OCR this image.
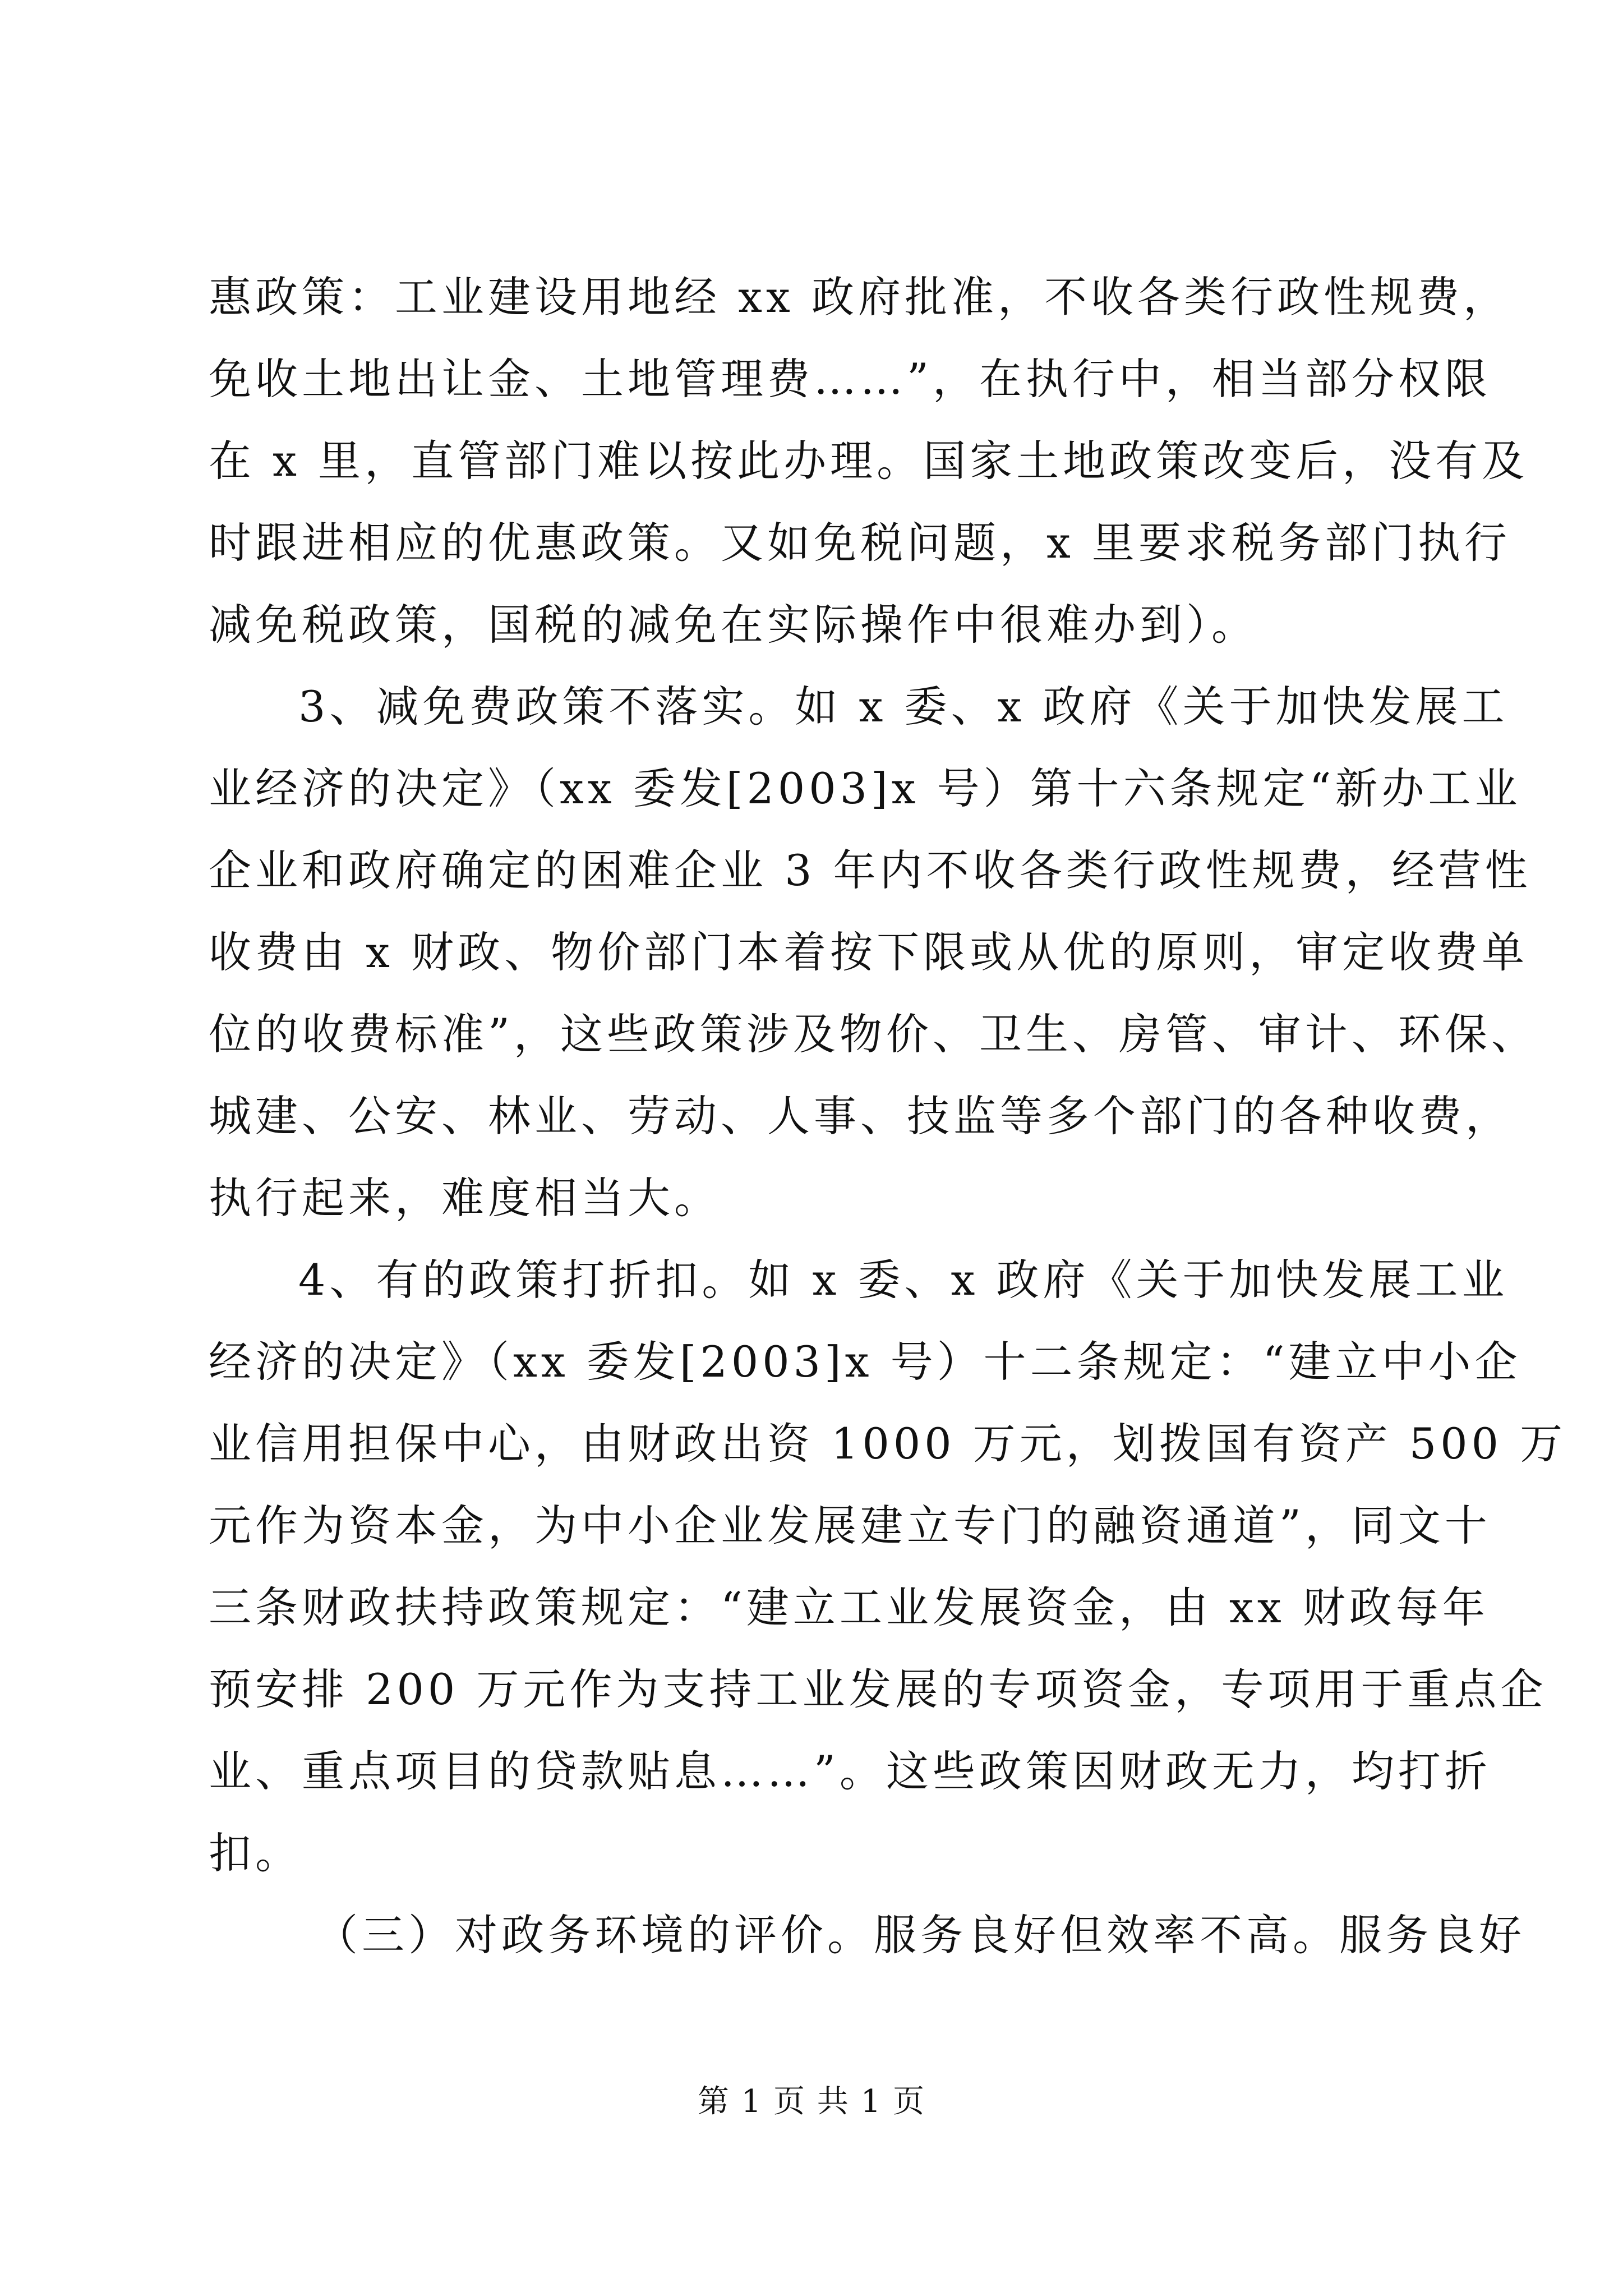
惠政策：工业建设用地经 xx 政府批准，不收各类行政性规费，
免收土地出让金、土地管理费……”，在执行中，相当部分权限
在 x 里，直管部门难以按此办理。国家土地政策改变后，没有及
时跟进相应的优惠政策。又如免税问题，x 里要求税务部门执行
减免税政策，国税的减免在实际操作中很难办到）。
3、减免费政策不落实。如 x 委、x 政府《关于加快发展工
业经济的决定》（xx 委发[2003]x 号）第十六条规定“新办工业
企业和政府确定的困难企业 3 年内不收各类行政性规费，经营性
收费由 x 财政、物价部门本着按下限或从优的原则，审定收费单
位的收费标准”，这些政策涉及物价、卫生、房管、审计、环保、
城建、公安、林业、劳动、人事、技监等多个部门的各种收费，
执行起来，难度相当大。
4、有的政策打折扣。如 x 委、x 政府《关于加快发展工业
经济的决定》（xx 委发[2003]x 号）十二条规定：“建立中小企
业信用担保中心，由财政出资 1000 万元，划拨国有资产 500 万
元作为资本金，为中小企业发展建立专门的融资通道”，同文十
三条财政扶持政策规定：“建立工业发展资金，由 xx 财政每年
预安排 200 万元作为支持工业发展的专项资金，专项用于重点企
业、重点项目的贷款贴息……”。这些政策因财政无力，均打折
扣。
（三）对政务环境的评价。服务良好但效率不高。服务良好
第 1 页 共 1 页
